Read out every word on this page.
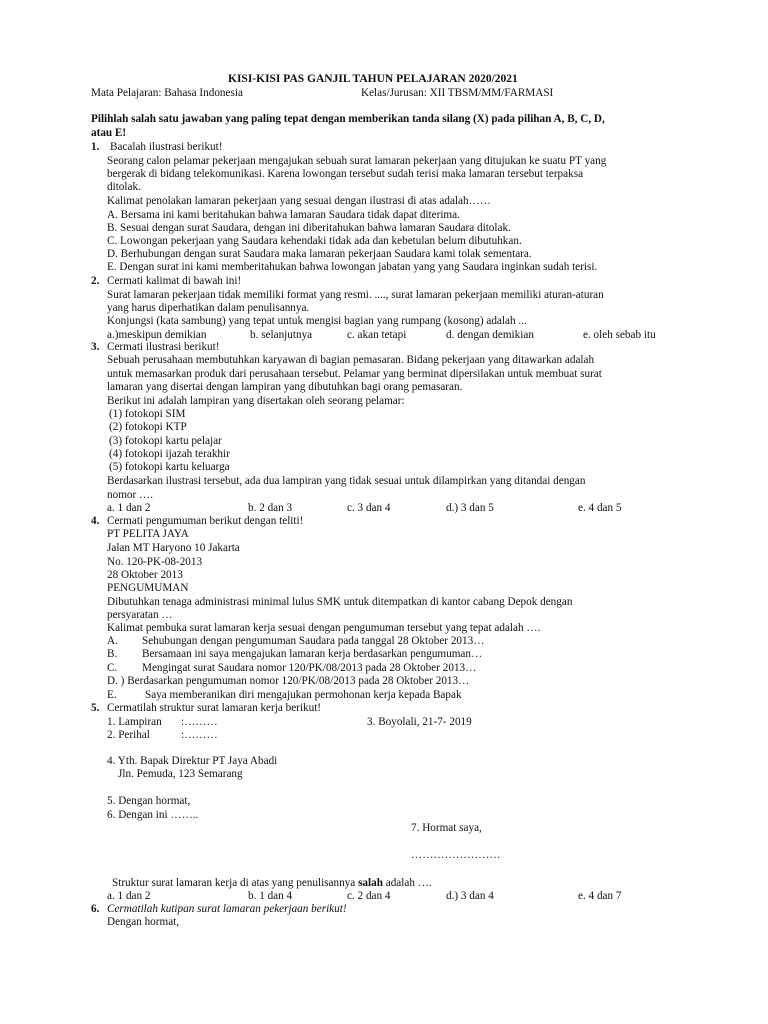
KISI-KISI PAS GANJIL TAHUN PELAJARAN 2020/2021
Mata Pelajaran: Bahasa Indonesia	Kelas/Jurusan: XII TBSM/MM/FARMASI
Pilihlah salah satu jawaban yang paling tepat dengan memberikan tanda silang (X) pada pilihan A, B, C, D,
atau E!
1. Bacalah ilustrasi berikut!
Seorang calon pelamar pekerjaan mengajukan sebuah surat lamaran pekerjaan yang ditujukan ke suatu PT yang
bergerak di bidang telekomunikasi. Karena lowongan tersebut sudah terisi maka lamaran tersebut terpaksa
ditolak.
Kalimat penolakan lamaran pekerjaan yang sesuai dengan ilustrasi di atas adalah……
A. Bersama ini kami beritahukan bahwa lamaran Saudara tidak dapat diterima.
B. Sesuai dengan surat Saudara, dengan ini diberitahukan bahwa lamaran Saudara ditolak.
C. Lowongan pekerjaan yang Saudara kehendaki tidak ada dan kebetulan belum dibutuhkan.
D. Berhubungan dengan surat Saudara maka lamaran pekerjaan Saudara kami tolak sementara.
E. Dengan surat ini kami memberitahukan bahwa lowongan jabatan yang yang Saudara inginkan sudah terisi.
2. Cermati kalimat di bawah ini!
Surat lamaran pekerjaan tidak memiliki format yang resmi. ...., surat lamaran pekerjaan memiliki aturan-aturan
yang harus diperhatikan dalam penulisannya.
Konjungsi (kata sambung) yang tepat untuk mengisi bagian yang rumpang (kosong) adalah ...
a.)meskipun demikian	b. selanjutnya	c. akan tetapi	d. dengan demikian	e. oleh sebab itu
3. Cermati ilustrasi berikut!
Sebuah perusahaan membutuhkan karyawan di bagian pemasaran. Bidang pekerjaan yang ditawarkan adalah
untuk memasarkan produk dari perusahaan tersebut. Pelamar yang berminat dipersilakan untuk membuat surat
lamaran yang disertai dengan lampiran yang dibutuhkan bagi orang pemasaran.
Berikut ini adalah lampiran yang disertakan oleh seorang pelamar:
(1) fotokopi SIM
(2) fotokopi KTP
(3) fotokopi kartu pelajar
(4) fotokopi ijazah terakhir
(5) fotokopi kartu keluarga
Berdasarkan ilustrasi tersebut, ada dua lampiran yang tidak sesuai untuk dilampirkan yang ditandai dengan
nomor ….
a. 1 dan 2	b. 2 dan 3	c. 3 dan 4	d.) 3 dan 5	e. 4 dan 5
4. Cermati pengumuman berikut dengan teliti!
PT PELITA JAYA
Jalan MT Haryono 10 Jakarta
No. 120-PK-08-2013
28 Oktober 2013
PENGUMUMAN
Dibutuhkan tenaga administrasi minimal lulus SMK untuk ditempatkan di kantor cabang Depok dengan
persyaratan …
Kalimat pembuka surat lamaran kerja sesuai dengan pengumuman tersebut yang tepat adalah ….
A. Sehubungan dengan pengumuman Saudara pada tanggal 28 Oktober 2013…
B. Bersamaan ini saya mengajukan lamaran kerja berdasarkan pengumuman…
C. Mengingat surat Saudara nomor 120/PK/08/2013 pada 28 Oktober 2013…
D. ) Berdasarkan pengumuman nomor 120/PK/08/2013 pada 28 Oktober 2013…
E.	Saya memberanikan diri mengajukan permohonan kerja kepada Bapak
5. Cermatilah struktur surat lamaran kerja berikut!
1. Lampiran :………	3. Boyolali, 21-7- 2019
2. Perihal	:………
4. Yth. Bapak Direktur PT Jaya Abadi
Jln. Pemuda, 123 Semarang
5. Dengan hormat,
6. Dengan ini ……..
7. Hormat saya,
……………………
Struktur surat lamaran kerja di atas yang penulisannya salah adalah ….
a. 1 dan 2	b. 1 dan 4	c. 2 dan 4	d.) 3 dan 4	e. 4 dan 7
6. Cermatilah kutipan surat lamaran pekerjaan berikut!
Dengan hormat,
